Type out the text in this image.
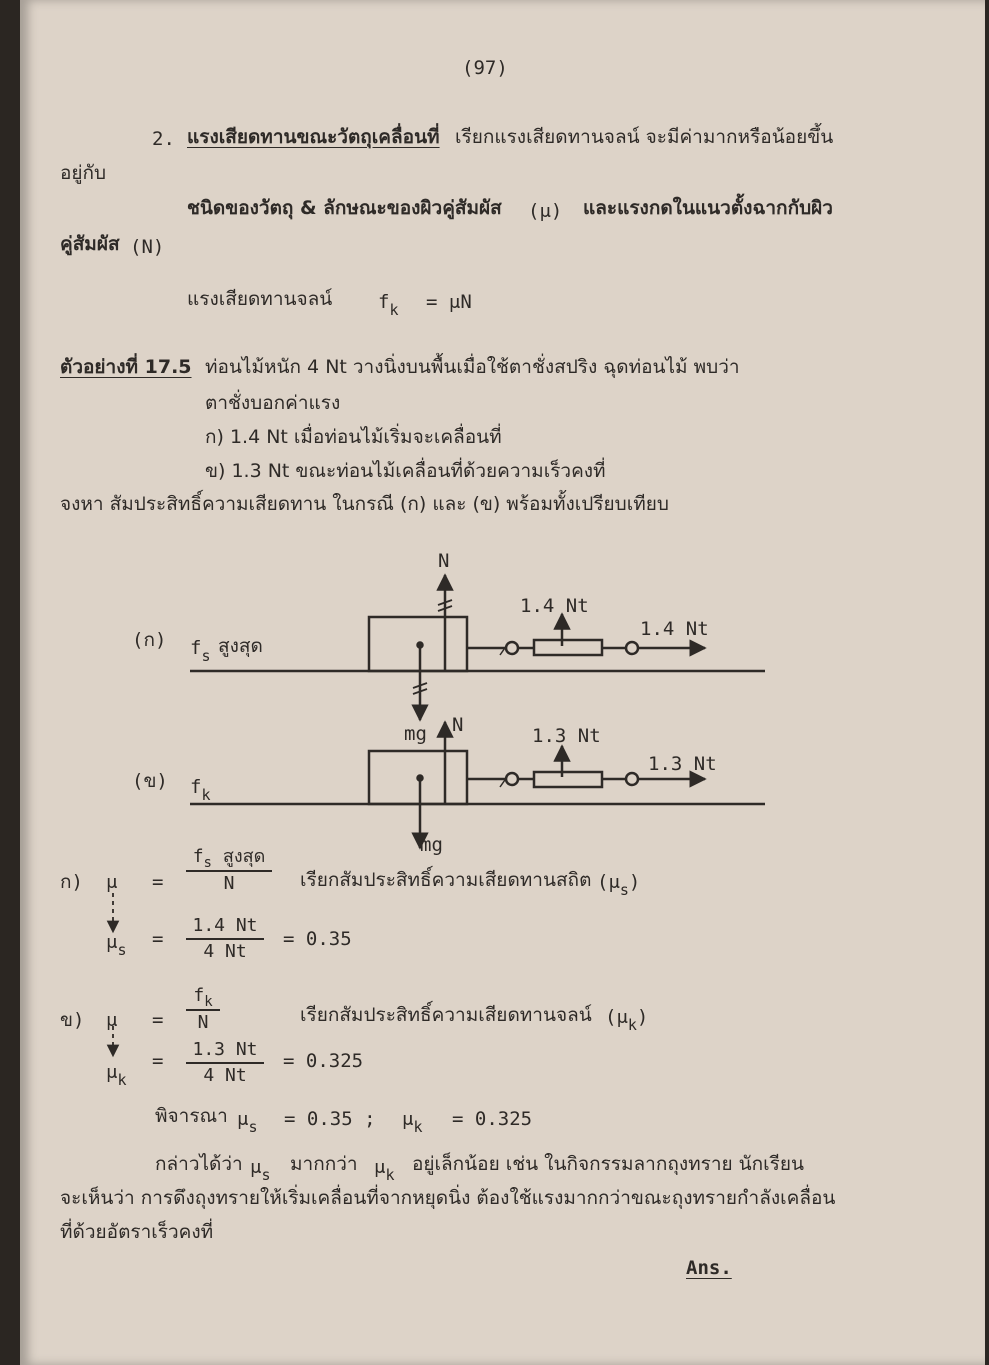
(97)
2. แรงเสียดทานขณะวัตถุเคลื่อนที่ เรียกแรงเสียดทานจลน์ จะมีค่ามากหรือน้อยขึ้น
อยู่กับ
ชนิดของวัตถุ & ลักษณะของผิวคู่สัมผัส (μ) และแรงกดในแนวตั้งฉากกับผิว
คู่สัมผัส (N)
แรงเสียดทานจลน์ $f_k = \mu N$
ตัวอย่างที่ 17.5 ท่อนไม้หนัก 4 Nt วางนิ่งบนพื้นเมื่อใช้ตาชั่งสปริง ฉุดท่อนไม้ พบว่า
ตาชั่งบอกค่าแรง
ก) 1.4 Nt เมื่อท่อนไม้เริ่มจะเคลื่อนที่
ข) 1.3 Nt ขณะท่อนไม้เคลื่อนที่ด้วยความเร็วคงที่
จงหา สัมประสิทธิ์ความเสียดทาน ในกรณี (ก) และ (ข) พร้อมทั้งเปรียบเทียบ
(ก) $f_s$ สูงสุด
N
1.4 Nt
1.4 Nt
mg N	1.3 Nt
1.3 Nt
(ข) $f_k$
mg
ก) μ =
$f_s$ สูงสุด
N	เรียกสัมประสิทธิ์ความเสียดทานสถิต $(\mu_s)$
$\mu_s = \frac{1.4 Nt}{4 Nt} = 0.35$
ข) $\mu = \frac{f_k}{N}$	เรียกสัมประสิทธิ์ความเสียดทานจลน์ $(\mu_k)$
$\mu_k$
= $\frac{1.3 Nt}{4 Nt} = 0.325$
พิจารณา $\mu_s = 0.35$ ; $\mu_k = 0.325$
กล่าวได้ว่า $\mu_s$ มากกว่า $\mu_k$ อยู่เล็กน้อย เช่น ในกิจกรรมลากถุงทราย นักเรียน
จะเห็นว่า การดึงถุงทรายให้เริ่มเคลื่อนที่จากหยุดนิ่ง ต้องใช้แรงมากกว่าขณะถุงทรายกำลังเคลื่อน
ที่ด้วยอัตราเร็วคงที่
Ans.
